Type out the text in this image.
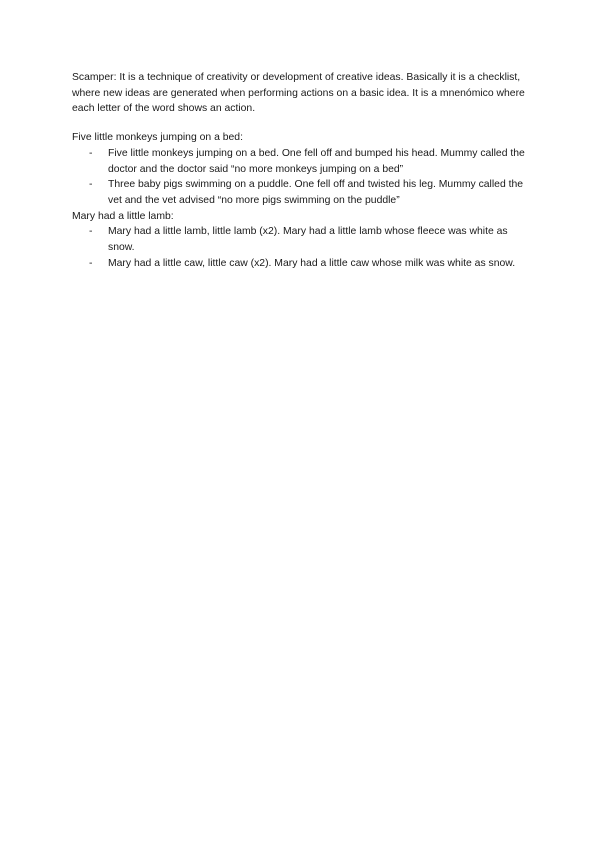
Scamper: It is a technique of creativity or development of creative ideas. Basically it is a checklist, where new ideas are generated when performing actions on a basic idea. It is a mnenómico where each letter of the word shows an action.

Five little monkeys jumping on a bed:

- Five little monkeys jumping on a bed. One fell off and bumped his head. Mummy called the doctor and the doctor said “no more monkeys jumping on a bed”
- Three baby pigs swimming on a puddle. One fell off and twisted his leg. Mummy called the vet and the vet advised “no more pigs swimming on the puddle”

Mary had a little lamb:

- Mary had a little lamb, little lamb (x2). Mary had a little lamb whose fleece was white as snow.
- Mary had a little caw, little caw (x2). Mary had a little caw whose milk was white as snow.
